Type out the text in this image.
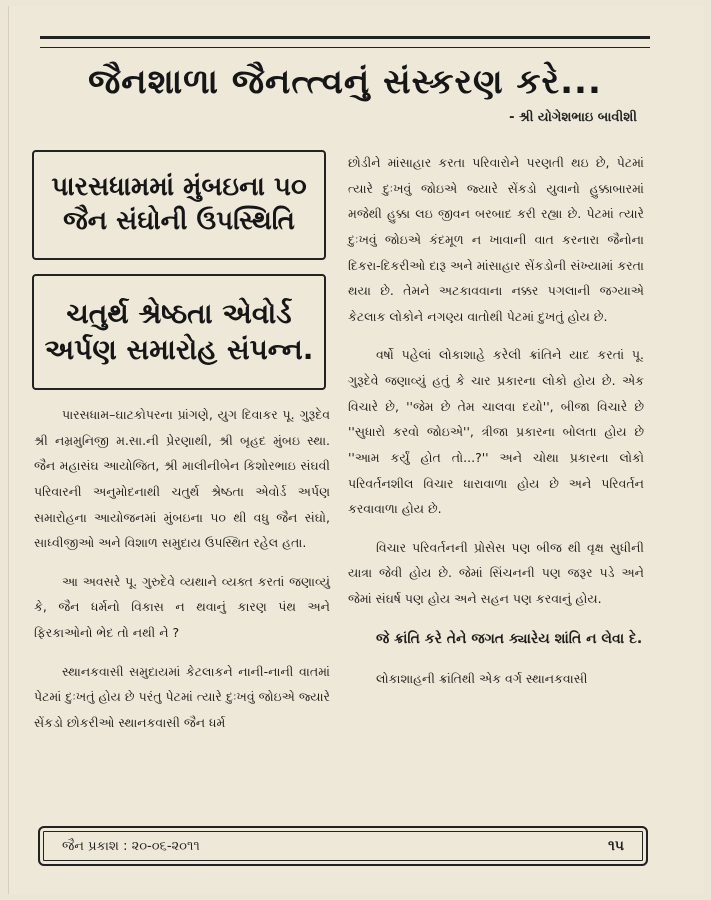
જૈનશાળા જૈનત્ત્વનું સંસ્કરણ કરે...
- શ્રી યોગેશભાઇ બાવીશી
પારસધામમાં મુંબઇના ૫૦ જૈન સંઘોની ઉપસ્થિતિ
ચતુર્થ શ્રેષ્ઠતા એવોર્ડ અર્પણ સમારોહ સંપન્ન.

પારસધામ–ઘાટકોપરના પ્રાંગણે, યુગ દિવાકર પૂ. ગુરૂદેવ શ્રી નમ્રમુનિજી મ.સા.ની પ્રેરણાથી, શ્રી બૃહદ મુંબઇ સ્થા. જૈન મહાસંઘ આયોજિત, શ્રી માલીનીબેન કિશોરભાઇ સંઘવી પરિવારની અનુમોદનાથી ચતુર્થ શ્રેષ્ઠતા એવોર્ડ અર્પણ સમારોહના આયોજનમાં મુંબઇના ૫૦ થી વધુ જૈન સંઘો, સાધ્વીજીઓ અને વિશાળ સમુદાય ઉપસ્થિત રહેલ હતા.

આ અવસરે પૂ. ગુરુદેવે વ્યથાને વ્યક્ત કરતાં જણાવ્યું કે, જૈન ધર્મનો વિકાસ ન થવાનું કારણ પંથ અને ફિરકાઓનો ભેદ તો નથી ને ?

સ્થાનકવાસી સમુદાયમાં કેટલાકને નાની-નાની વાતમાં પેટમાં દુઃખતું હોય છે પરંતુ પેટમાં ત્યારે દુઃખવું જોઇએ જ્યારે સેંકડો છોકરીઓ સ્થાનકવાસી જૈન ધર્મ

છોડીને માંસાહાર કરતા પરિવારોને પરણતી થઇ છે, પેટમાં ત્યારે દુઃખવું જોઇએ જ્યારે સેંકડો યુવાનો હુક્કાબારમાં મજેથી હુક્કા લઇ જીવન બરબાદ કરી રહ્યા છે. પેટમાં ત્યારે દુઃખવું જોઇએ કંદમૂળ ન ખાવાની વાત કરનારા જૈનોના દિકરા-દિકરીઓ દારૂ અને માંસાહાર સેંકડોની સંખ્યામાં કરતા થયા છે. તેમને અટકાવવાના નક્કર પગલાની જગ્યાએ કેટલાક લોકોને નગણ્ય વાતોથી પેટમાં દુખતું હોય છે.

વર્ષો પહેલાં લોકાશાહે કરેલી ક્રાંતિને યાદ કરતાં પૂ. ગુરૂદેવે જણાવ્યું હતું કે ચાર પ્રકારના લોકો હોય છે. એક વિચારે છે, ''જેમ છે તેમ ચાલવા દયો'', બીજા વિચારે છે ''સુધારો કરવો જોઇએ'', ત્રીજા પ્રકારના બોલતા હોય છે ''આમ કર્યું હોત તો...?'' અને ચોથા પ્રકારના લોકો પરિવર્તનશીલ વિચાર ધારાવાળા હોય છે અને પરિવર્તન કરવાવાળા હોય છે.

વિચાર પરિવર્તનની પ્રોસેસ પણ બીજ થી વૃક્ષ સુધીની યાત્રા જેવી હોય છે. જેમાં સિંચનની પણ જરૂર પડે અને જેમાં સંઘર્ષ પણ હોય અને સહન પણ કરવાનું હોય.

જે ક્રાંતિ કરે તેને જગત ક્યારેય શાંતિ ન લેવા દે.

લોકાશાહની ક્રાંતિથી એક વર્ગ સ્થાનકવાસી

જૈન પ્રકાશ : ૨૦-૦૬-૨૦૧૧	૧૫
